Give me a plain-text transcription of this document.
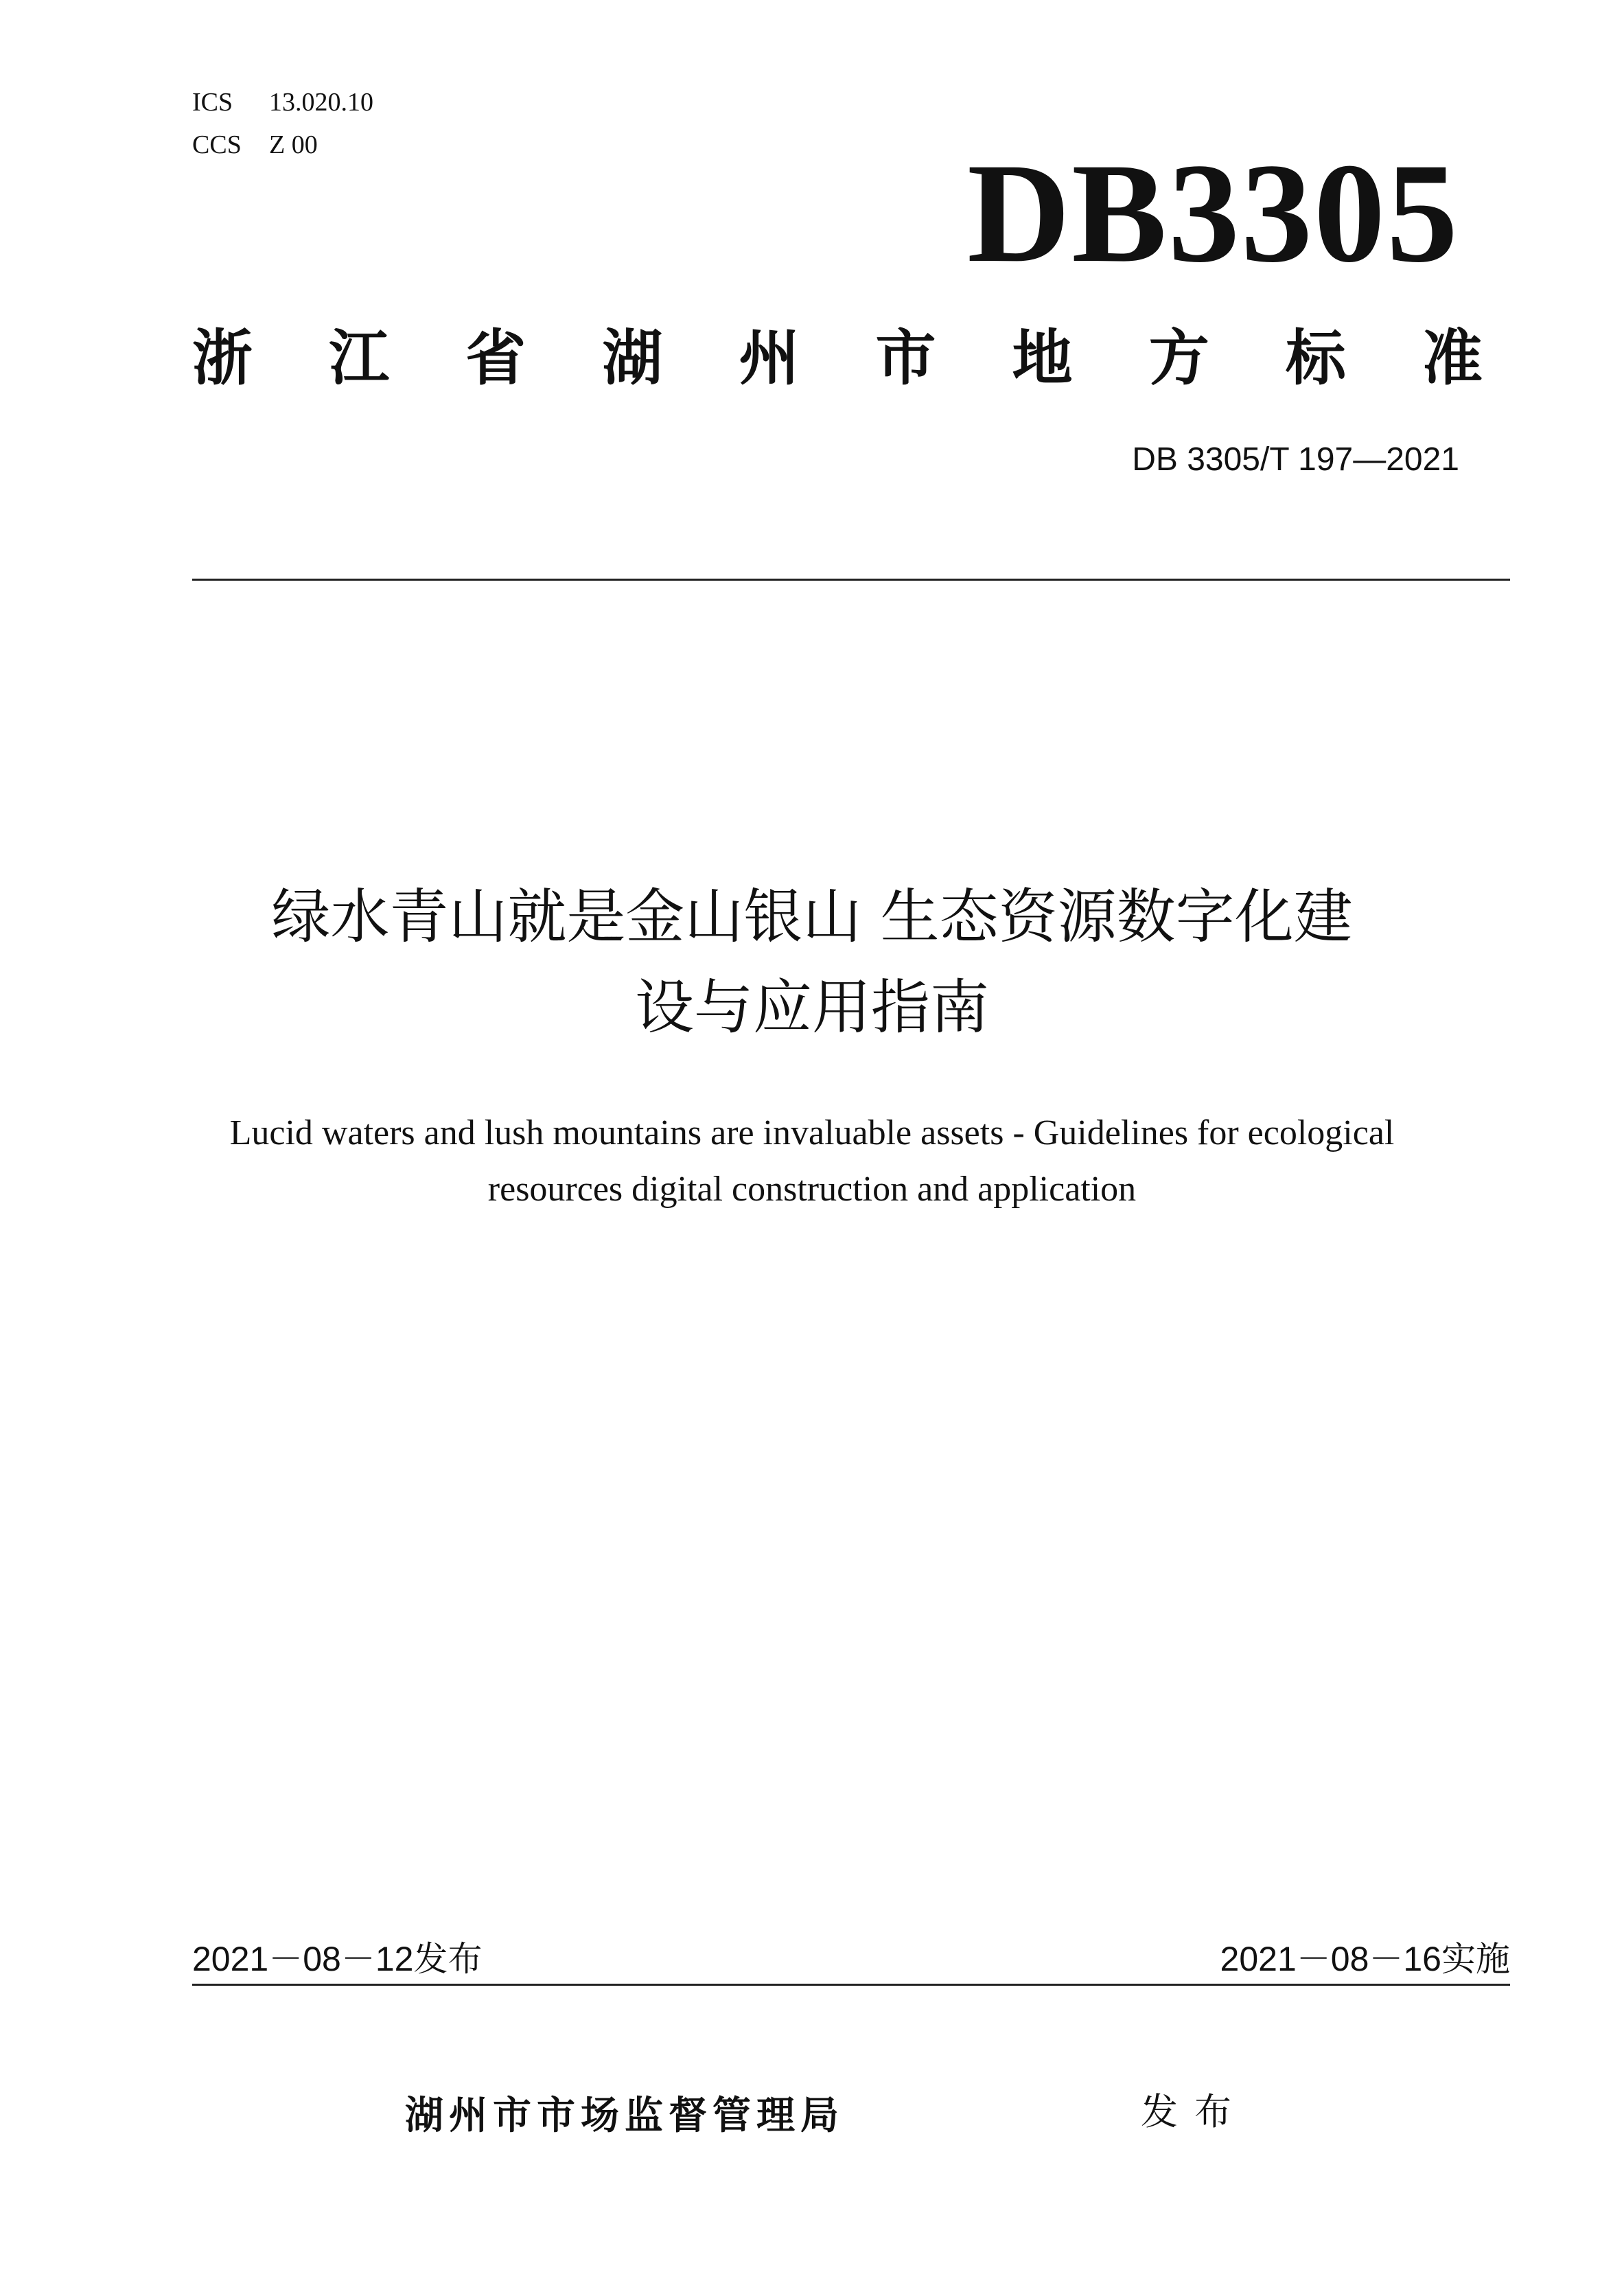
ICS 13.020.10
CCS Z 00	DB3305
浙 江 省 湖 州 市 地 方 标 准
DB 3305/T 197—2021
绿水青山就是金山银山 生态资源数字化建
设与应用指南
Lucid waters and lush mountains are invaluable assets - Guidelines for ecological
resources digital construction and application
2021－08－12发布	2021－08－16实施
湖州市市场监督管理局	发布
